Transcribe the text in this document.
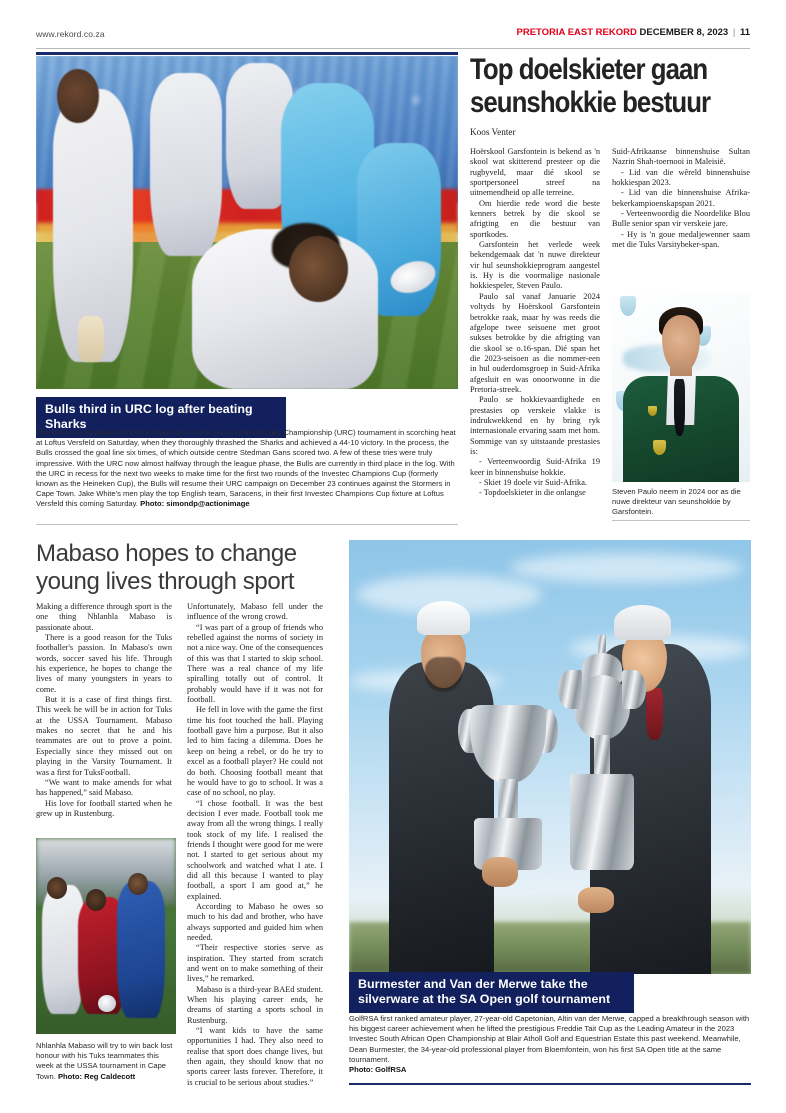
www.rekord.co.za	PRETORIA EAST REKORD DECEMBER 8, 2023 | 11
Bulls third in URC log after beating Sharks
The Bulls scored almost 50 for the fourth time in this year's United Rugby Championship (URC) tournament in scorching heat at Loftus Versfeld on Saturday, when they thoroughly thrashed the Sharks and achieved a 44-10 victory. In the process, the Bulls crossed the goal line six times, of which outside centre Stedman Gans scored two. A few of these tries were truly impressive. With the URC now almost halfway through the league phase, the Bulls are currently in third place in the log. With the URC in recess for the next two weeks to make time for the first two rounds of the Investec Champions Cup (formerly known as the Heineken Cup), the Bulls will resume their URC campaign on December 23 continues against the Stormers in Cape Town. Jake White's men play the top English team, Saracens, in their first Investec Champions Cup fixture at Loftus Versfeld this coming Saturday. Photo: simondp@actionimage
Top doelskieter gaan seunshokkie bestuur
Koos Venter

Hoërskool Garsfontein is bekend as 'n skool wat skitterend presteer op die rugbyveld, maar dié skool se sportpersoneel streef na uitnemendheid op alle terreine.

Om hierdie rede word die beste kenners betrek by die skool se afrigting en die bestuur van sportkodes.

Garsfontein het verlede week bekendgemaak dat 'n nuwe direkteur vir hul seunshokkieprogram aangestel is. Hy is die voormalige nasionale hokkiespeler, Steven Paulo.

Paulo sal vanaf Januarie 2024 voltyds by Hoërskool Garsfontein betrokke raak, maar hy was reeds die afgelope twee seisoene met groot sukses betrokke by die afrigting van die skool se o.16-span. Dié span het die 2023-seisoen as die nommer-een in hul ouderdomsgroep in Suid-Afrika afgesluit en was onoorwonne in die Pretoria-streek.

Paulo se hokkievaardighede en prestasies op verskeie vlakke is indrukwekkend en hy bring ryk internasionale ervaring saam met hom. Sommige van sy uitstaande prestasies is:

- Verteenwoordig Suid-Afrika 19 keer in binnenshuise hokkie.

- Skiet 19 doele vir Suid-Afrika.

- Topdoelskieter in die onlangse

Suid-Afrikaanse binnenshuise Sultan Nazrin Shah-toernooi in Maleisië.

- Lid van die wêreld binnenshuise hokkiespan 2023.

- Lid van die binnenshuise Afrika-bekerkampioenskapspan 2021.

- Verteenwoordig die Noordelike Blou Bulle senior span vir verskeie jare.

- Hy is 'n goue medaljewenner saam met die Tuks Varsitybeker-span.

Steven Paulo neem in 2024 oor as die nuwe direkteur van seunshokkie by Garsfontein.
Mabaso hopes to change young lives through sport

Making a difference through sport is the one thing Nhlanhla Mabaso is passionate about.

There is a good reason for the Tuks footballer's passion. In Mabaso's own words, soccer saved his life. Through his experience, he hopes to change the lives of many youngsters in years to come.

But it is a case of first things first. This week he will be in action for Tuks at the USSA Tournament. Mabaso makes no secret that he and his teammates are out to prove a point. Especially since they missed out on playing in the Varsity Tournament. It was a first for TuksFootball.

“We want to make amends for what has happened,” said Mabaso.

His love for football started when he grew up in Rustenburg.

Unfortunately, Mabaso fell under the influence of the wrong crowd.

“I was part of a group of friends who rebelled against the norms of society in not a nice way. One of the consequences of this was that I started to skip school. There was a real chance of my life spiralling totally out of control. It probably would have if it was not for football.

He fell in love with the game the first time his foot touched the ball. Playing football gave him a purpose. But it also led to him facing a dilemma. Does he keep on being a rebel, or do he try to excel as a football player? He could not do both. Choosing football meant that he would have to go to school. It was a case of no school, no play.

“I chose football. It was the best decision I ever made. Football took me away from all the wrong things. I really took stock of my life. I realised the friends I thought were good for me were not. I started to get serious about my schoolwork and watched what I ate. I did all this because I wanted to play football, a sport I am good at,” he explained.

According to Mabaso he owes so much to his dad and brother, who have always supported and guided him when needed.

“Their respective stories serve as inspiration. They started from scratch and went on to make something of their lives,” he remarked.

Mabaso is a third-year BAEd student. When his playing career ends, he dreams of starting a sports school in Rustenburg.

“I want kids to have the same opportunities I had. They also need to realise that sport does change lives, but then again, they should know that no sports career lasts forever. Therefore, it is crucial to be serious about studies.”

Nhlanhla Mabaso will try to win back lost honour with his Tuks teammates this week at the USSA tournament in Cape Town. Photo: Reg Caldecott
Burmester and Van der Merwe take the silverware at the SA Open golf tournament
GolfRSA first ranked amateur player, 27-year-old Capetonian, Altin van der Merwe, capped a breakthrough season with his biggest career achievement when he lifted the prestigious Freddie Tait Cup as the Leading Amateur in the 2023 Investec South African Open Championship at Blair Atholl Golf and Equestrian Estate this past weekend. Meanwhile, Dean Burmester, the 34-year-old professional player from Bloemfontein, won his first SA Open title at the same tournament.
Photo: GolfRSA
